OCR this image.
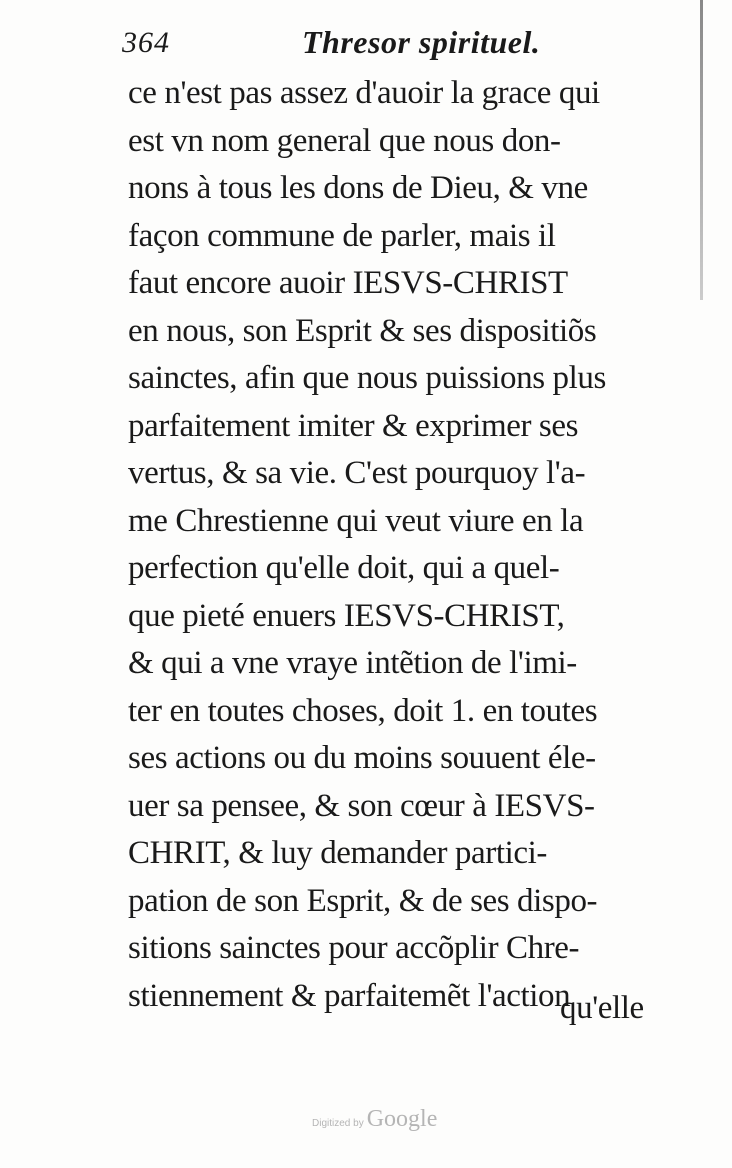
364	Thresor spirituel.
ce n'est pas assez d'auoir la grace qui
est vn nom general que nous don-
nons à tous les dons de Dieu, & vne
façon commune de parler, mais il
faut encore auoir IESVS-CHRIST
en nous, son Esprit & ses dispositiõs
sainctes, afin que nous puissions plus
parfaitement imiter & exprimer ses
vertus, & sa vie. C'est pourquoy l'a-
me Chrestienne qui veut viure en la
perfection qu'elle doit, qui a quel-
que pieté enuers IESVS-CHRIST,
& qui a vne vraye intẽtion de l'imi-
ter en toutes choses, doit 1. en toutes
ses actions ou du moins souuent éle-
uer sa pensee, & son cœur à IESVS-
CHRIT, & luy demander partici-
pation de son Esprit, & de ses dispo-
sitions sainctes pour accõplir Chre-
stiennement & parfaitemẽt l'action
qu'elle
Digitized by Google
